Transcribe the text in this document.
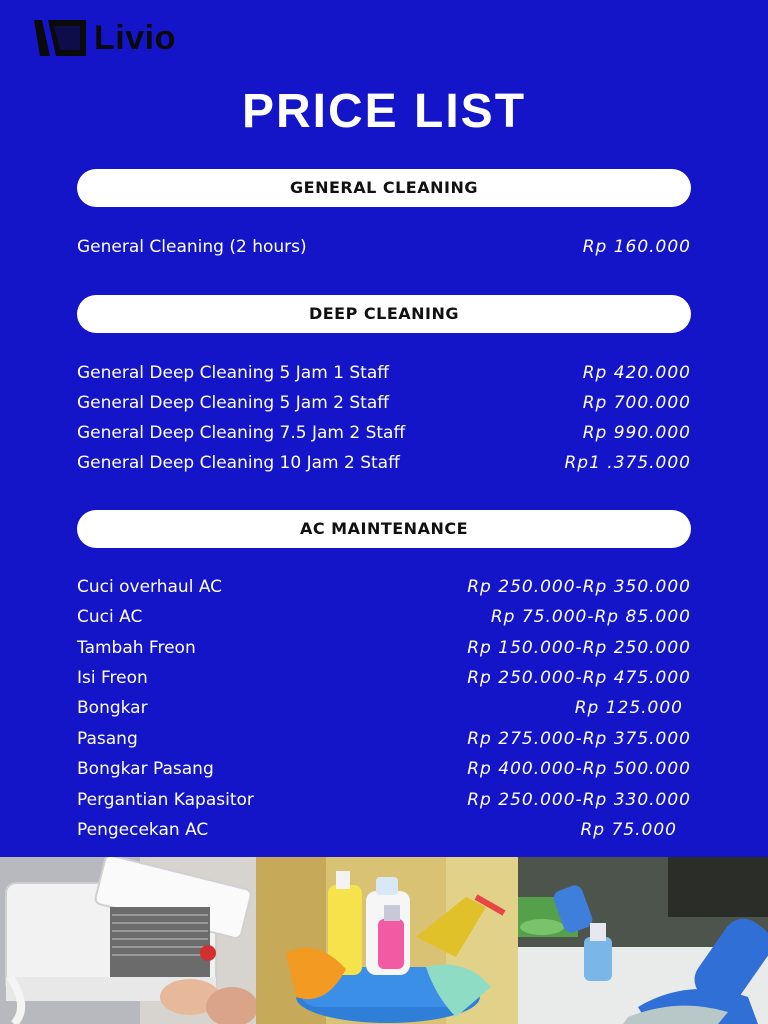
Livio
PRICE LIST
GENERAL CLEANING
General Cleaning (2 hours)	Rp 160.000
DEEP CLEANING
General Deep Cleaning 5 Jam 1 Staff	Rp 420.000
General Deep Cleaning 5 Jam 2 Staff	Rp 700.000
General Deep Cleaning 7.5 Jam 2 Staff	Rp 990.000
General Deep Cleaning 10 Jam 2 Staff	Rp1 .375.000
AC MAINTENANCE
Cuci overhaul AC	Rp 250.000-Rp 350.000
Cuci AC	Rp 75.000-Rp 85.000
Tambah Freon	Rp 150.000-Rp 250.000
Isi Freon	Rp 250.000-Rp 475.000
Bongkar	Rp 125.000
Pasang	Rp 275.000-Rp 375.000
Bongkar Pasang	Rp 400.000-Rp 500.000
Pergantian Kapasitor	Rp 250.000-Rp 330.000
Pengecekan AC	Rp 75.000
